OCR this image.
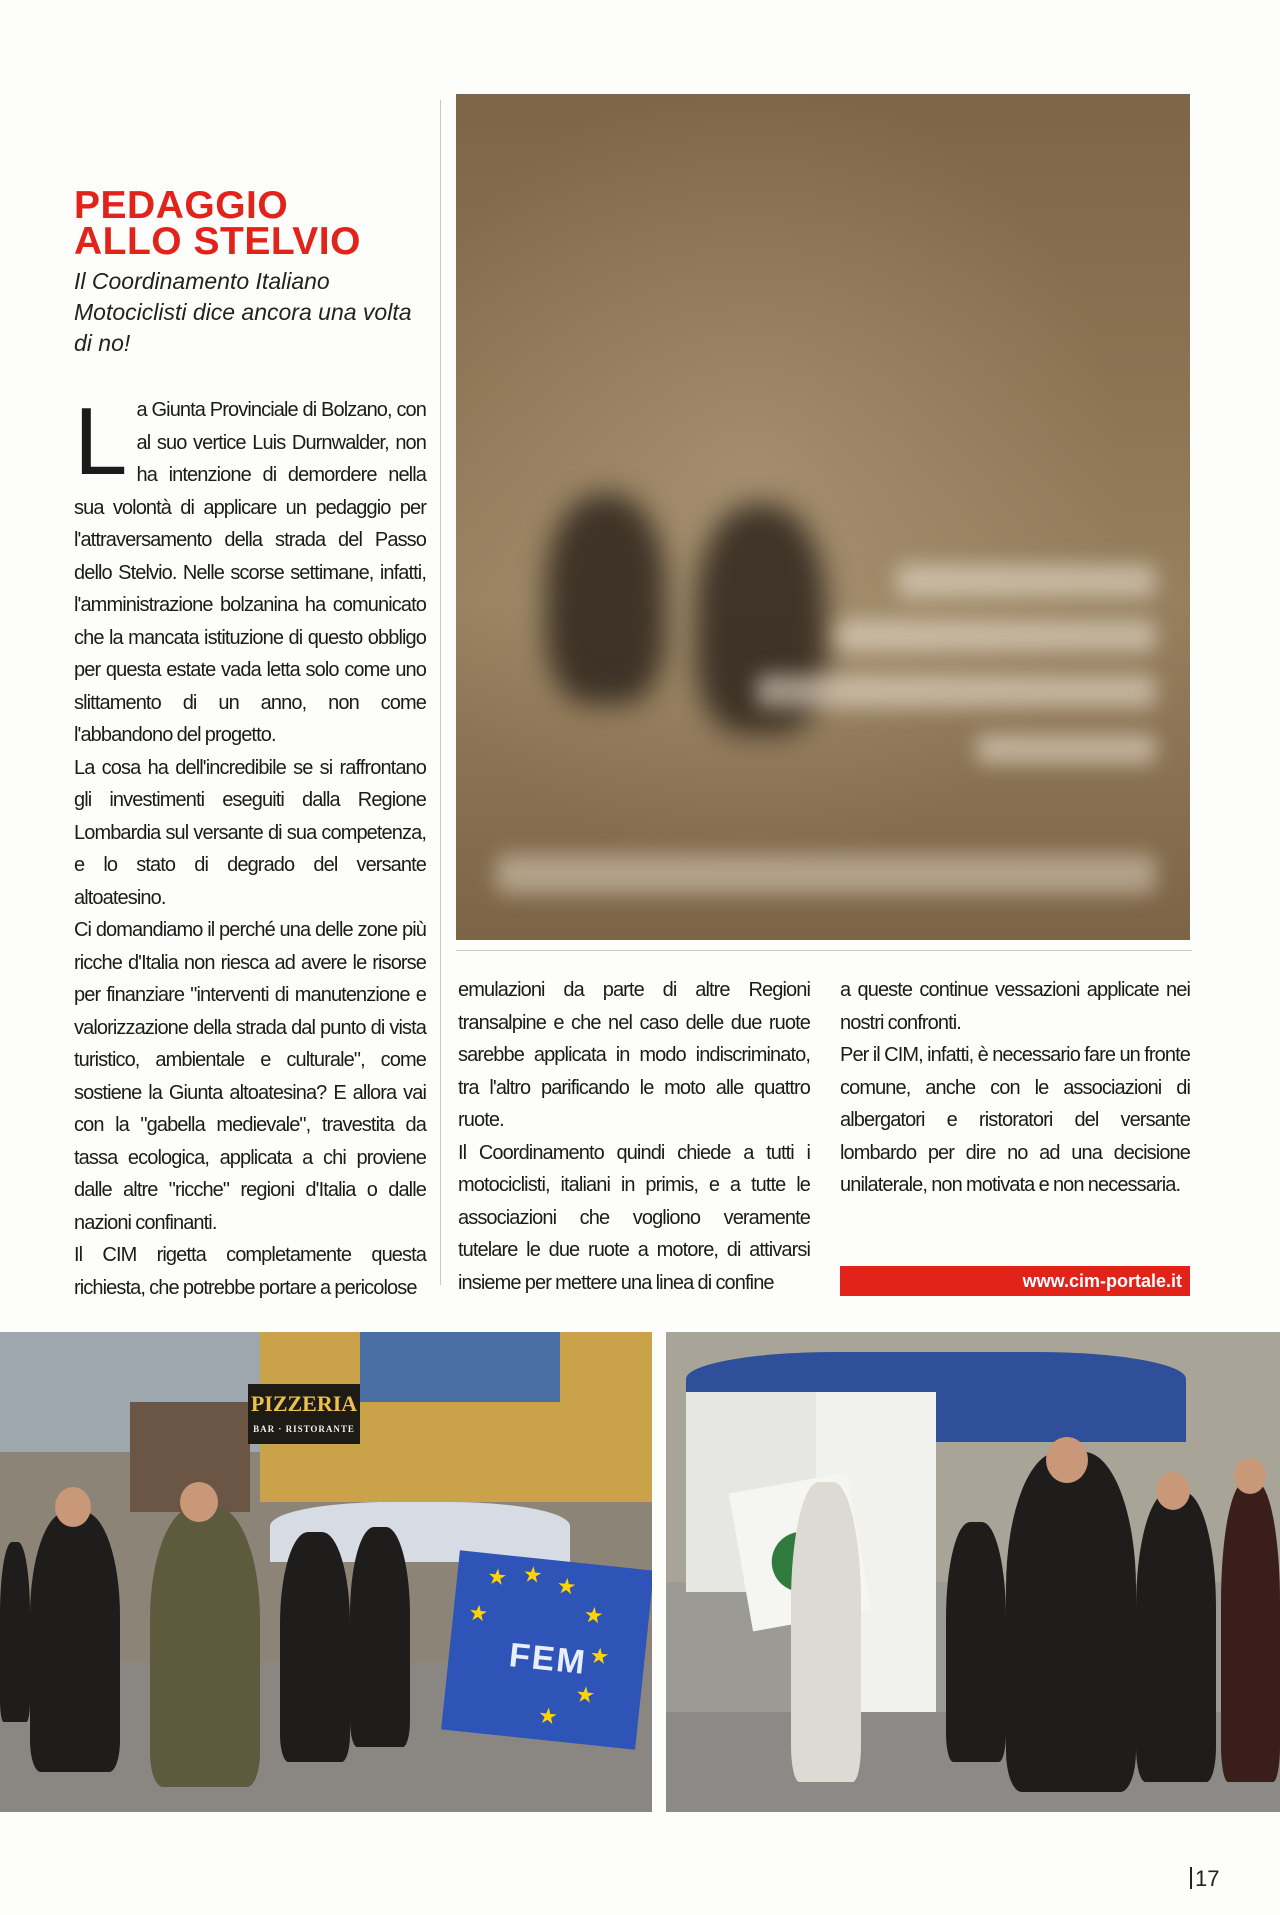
PEDAGGIO
ALLO STELVIO
Il Coordinamento Italiano Motociclisti dice ancora una volta di no!

La Giunta Provinciale di Bolzano, con al suo vertice Luis Durnwalder, non ha intenzione di demordere nella sua volontà di applicare un pedaggio per l'attraversamento della strada del Passo dello Stelvio. Nelle scorse settimane, infatti, l'amministrazione bolzanina ha comunicato che la mancata istituzione di questo obbligo per questa estate vada letta solo come uno slittamento di un anno, non come l'abbandono del progetto.

La cosa ha dell'incredibile se si raffrontano gli investimenti eseguiti dalla Regione Lombardia sul versante di sua competenza, e lo stato di degrado del versante altoatesino.

Ci domandiamo il perché una delle zone più ricche d'Italia non riesca ad avere le risorse per finanziare "interventi di manutenzione e valorizzazione della strada dal punto di vista turistico, ambientale e culturale", come sostiene la Giunta altoatesina? E allora vai con la "gabella medievale", travestita da tassa ecologica, applicata a chi proviene dalle altre "ricche" regioni d'Italia o dalle nazioni confinanti.

Il CIM rigetta completamente questa richiesta, che potrebbe portare a pericolose

emulazioni da parte di altre Regioni transalpine e che nel caso delle due ruote sarebbe applicata in modo indiscriminato, tra l'altro parificando le moto alle quattro ruote.

Il Coordinamento quindi chiede a tutti i motociclisti, italiani in primis, e a tutte le associazioni che vogliono veramente tutelare le due ruote a motore, di attivarsi insieme per mettere una linea di confine

a queste continue vessazioni applicate nei nostri confronti.

Per il CIM, infatti, è necessario fare un fronte comune, anche con le associazioni di albergatori e ristoratori del versante lombardo per dire no ad una decisione unilaterale, non motivata e non necessaria.

www.cim-portale.it
PIZZERIA
BAR · RISTORANTE
★ ★ ★
★
★
★
★
★
FEM
17
